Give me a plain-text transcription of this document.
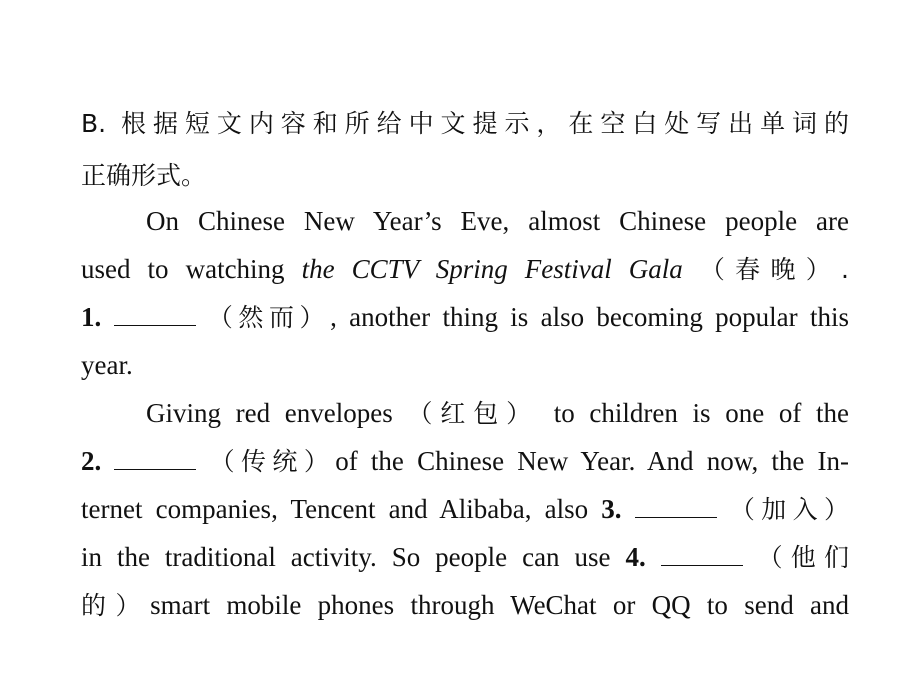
B. 根据短文内容和所给中文提示，在空白处写出单词的
正确形式。
On Chinese New Year’s Eve, almost Chinese people are
used to watching the CCTV Spring Festival Gala （春晚）.
1.	（然而）, another thing is also becoming popular this
year.
Giving red envelopes （红包） to children is one of the
2.	（传统）of the Chinese New Year. And now, the In-
ternet companies, Tencent and Alibaba, also 3.	（加入）
in the traditional activity. So people can use 4.	（他们
的）smart mobile phones through WeChat or QQ to send and
